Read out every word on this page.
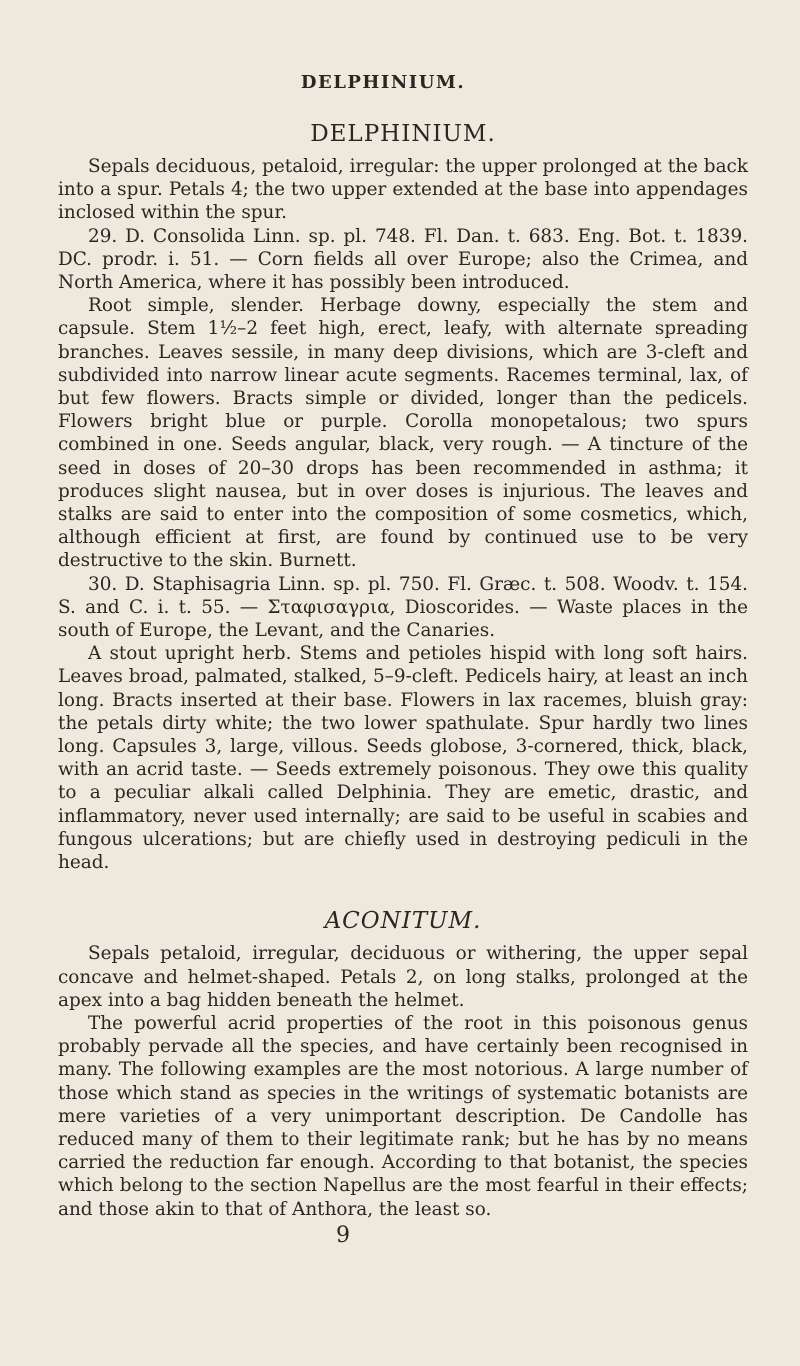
DELPHINIUM.
DELPHINIUM.

Sepals deciduous, petaloid, irregular: the upper prolonged at the back into a spur. Petals 4; the two upper extended at the base into appendages inclosed within the spur.

29. D. Consolida Linn. sp. pl. 748. Fl. Dan. t. 683. Eng. Bot. t. 1839. DC. prodr. i. 51. — Corn fields all over Europe; also the Crimea, and North America, where it has possibly been introduced.

Root simple, slender. Herbage downy, especially the stem and capsule. Stem 1½–2 feet high, erect, leafy, with alternate spreading branches. Leaves sessile, in many deep divisions, which are 3-cleft and subdivided into narrow linear acute segments. Racemes terminal, lax, of but few flowers. Bracts simple or divided, longer than the pedicels. Flowers bright blue or purple. Corolla monopetalous; two spurs combined in one. Seeds angular, black, very rough. — A tincture of the seed in doses of 20–30 drops has been recommended in asthma; it produces slight nausea, but in over doses is injurious. The leaves and stalks are said to enter into the composition of some cosmetics, which, although efficient at first, are found by continued use to be very destructive to the skin. Burnett.

30. D. Staphisagria Linn. sp. pl. 750. Fl. Græc. t. 508. Woodv. t. 154. S. and C. i. t. 55. — Σταφισαγρια, Dioscorides. — Waste places in the south of Europe, the Levant, and the Canaries.

A stout upright herb. Stems and petioles hispid with long soft hairs. Leaves broad, palmated, stalked, 5–9-cleft. Pedicels hairy, at least an inch long. Bracts inserted at their base. Flowers in lax racemes, bluish gray: the petals dirty white; the two lower spathulate. Spur hardly two lines long. Capsules 3, large, villous. Seeds globose, 3-cornered, thick, black, with an acrid taste. — Seeds extremely poisonous. They owe this quality to a peculiar alkali called Delphinia. They are emetic, drastic, and inflammatory, never used internally; are said to be useful in scabies and fungous ulcerations; but are chiefly used in destroying pediculi in the head.

ACONITUM.

Sepals petaloid, irregular, deciduous or withering, the upper sepal concave and helmet-shaped. Petals 2, on long stalks, prolonged at the apex into a bag hidden beneath the helmet.

The powerful acrid properties of the root in this poisonous genus probably pervade all the species, and have certainly been recognised in many. The following examples are the most notorious. A large number of those which stand as species in the writings of systematic botanists are mere varieties of a very unimportant description. De Candolle has reduced many of them to their legitimate rank; but he has by no means carried the reduction far enough. According to that botanist, the species which belong to the section Napellus are the most fearful in their effects; and those akin to that of Anthora, the least so.

9
